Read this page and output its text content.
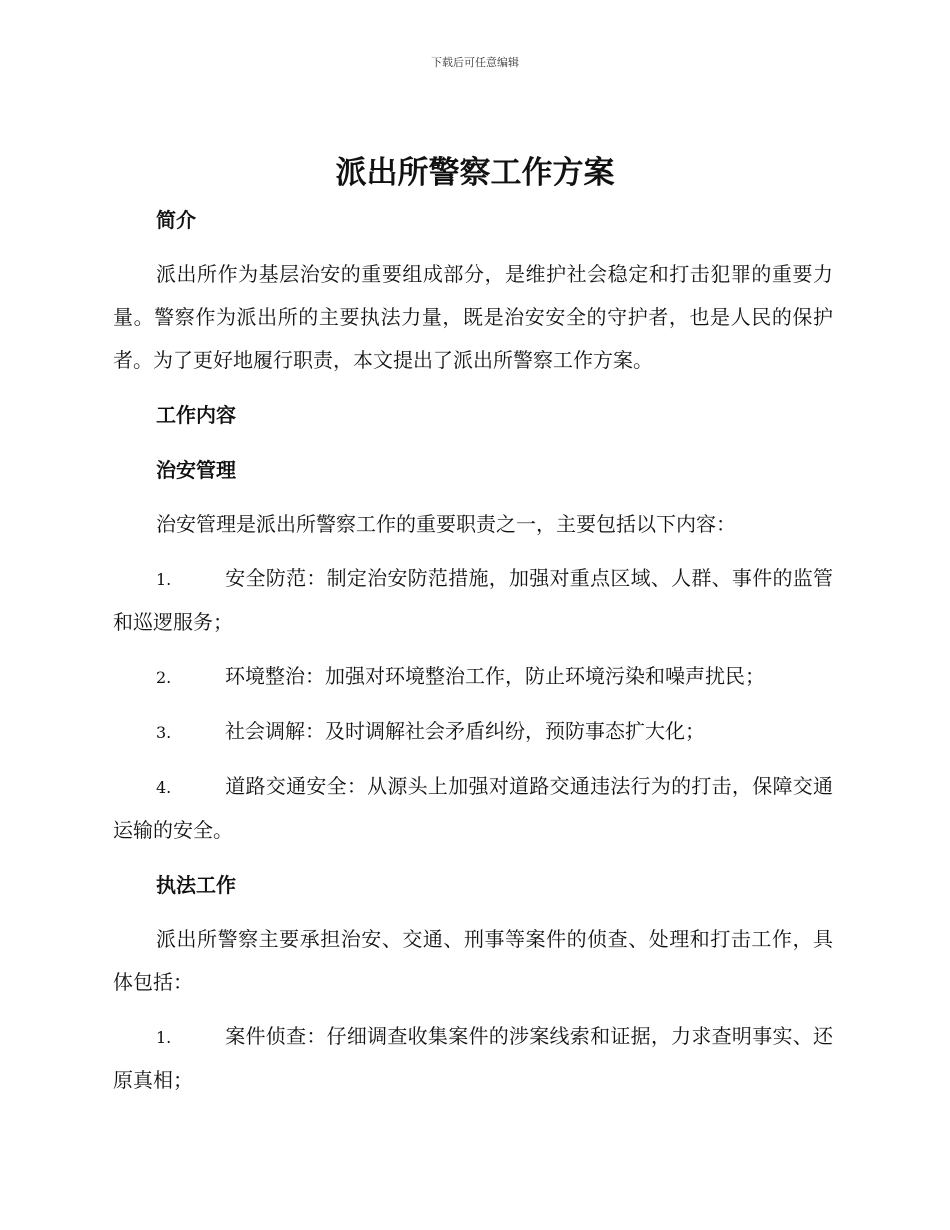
下载后可任意编辑
派出所警察工作方案
简介

派出所作为基层治安的重要组成部分，是维护社会稳定和打击犯罪的重要力量。警察作为派出所的主要执法力量，既是治安安全的守护者，也是人民的保护者。为了更好地履行职责，本文提出了派出所警察工作方案。

工作内容
治安管理

治安管理是派出所警察工作的重要职责之一，主要包括以下内容：

1.	安全防范：制定治安防范措施，加强对重点区域、人群、事件的监管和巡逻服务；

2.	环境整治：加强对环境整治工作，防止环境污染和噪声扰民；

3.	社会调解：及时调解社会矛盾纠纷，预防事态扩大化；

4.	道路交通安全：从源头上加强对道路交通违法行为的打击，保障交通运输的安全。

执法工作

派出所警察主要承担治安、交通、刑事等案件的侦查、处理和打击工作，具体包括：

1.	案件侦查：仔细调查收集案件的涉案线索和证据，力求查明事实、还原真相；
